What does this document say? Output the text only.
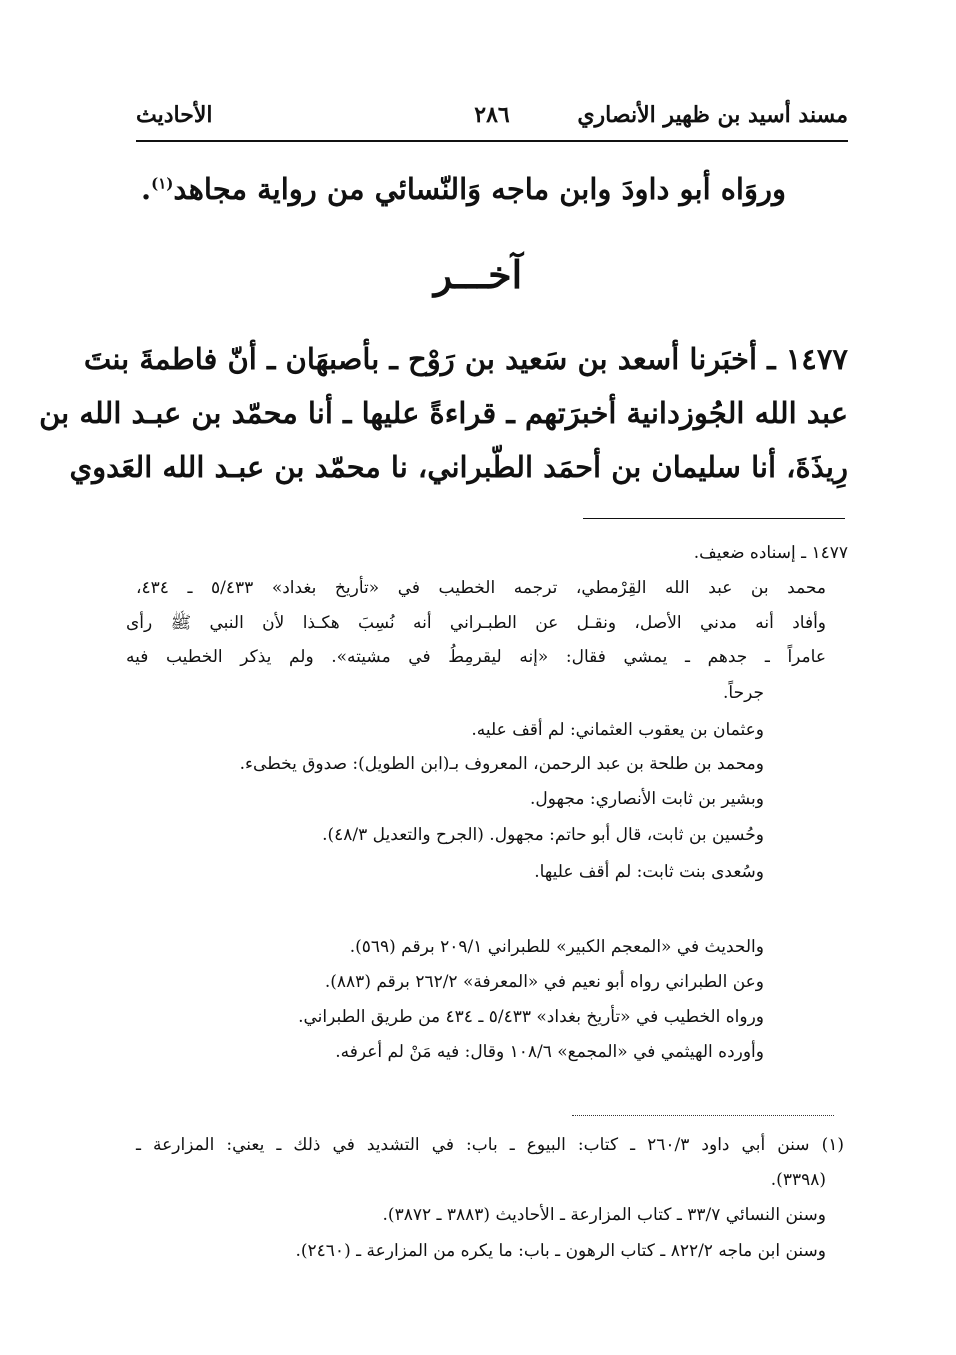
مسند أسيد بن ظهير الأنصاري
٢٨٦
الأحاديث
وروَاه أبو داودَ وابن ماجه وَالنّسائي من رواية مجاهد$^{(١)}$.
آخـــر
١٤٧٧ ـ أخبَرنا أسعد بن سَعيد بن رَوْح ـ بأصبهَان ـ أنّ فاطمةَ بنتَ
عبد الله الجُوزدانية أخبرَتهم ـ قراءةً عليها ـ أنا محمّد بن عبـد الله بن
رِيذَةَ، أنا سليمان بن أحمَد الطّبراني، نا محمّد بن عبـد الله العَدوي
١٤٧٧ ـ إسناده ضعيف.
محمد بن عبد الله القِرْمطي، ترجمه الخطيب في «تأريخ بغداد» ٥/٤٣٣ ـ ٤٣٤،
وأفاد أنه مدني الأصل، ونقـل عن الطبـراني أنه نُسِبَ هكـذا لأن النبي ﷺ رأى
عامراً ـ جدهم ـ يمشي فقال: «إنه ليقرمِطُ في مشيته». ولم يذكر الخطيب فيه
جرحاً.
وعثمان بن يعقوب العثماني: لم أقف عليه.
ومحمد بن طلحة بن عبد الرحمن، المعروف بـ(ابن الطويل): صدوق يخطىء.
وبشير بن ثابت الأنصاري: مجهول.
وحُسين بن ثابت، قال أبو حاتم: مجهول. (الجرح والتعديل ٤٨/٣).
وسُعدى بنت ثابت: لم أقف عليها.
والحديث في «المعجم الكبير» للطبراني ٢٠٩/١ برقم (٥٦٩).
وعن الطبراني رواه أبو نعيم في «المعرفة» ٢٦٢/٢ برقم (٨٨٣).
ورواه الخطيب في «تأريخ بغداد» ٥/٤٣٣ ـ ٤٣٤ من طريق الطبراني.
وأورده الهيثمي في «المجمع» ١٠٨/٦ وقال: فيه مَنْ لم أعرفه.
(١) سنن أبي داود ٢٦٠/٣ ـ كتاب: البيوع ـ باب: في التشديد في ذلك ـ يعني: المزارعة ـ
(٣٣٩٨).
وسنن النسائي ٣٣/٧ ـ كتاب المزارعة ـ الأحاديث (٣٨٨٣ ـ ٣٨٧٢).
وسنن ابن ماجه ٨٢٢/٢ ـ كتاب الرهون ـ باب: ما يكره من المزارعة ـ (٢٤٦٠).
